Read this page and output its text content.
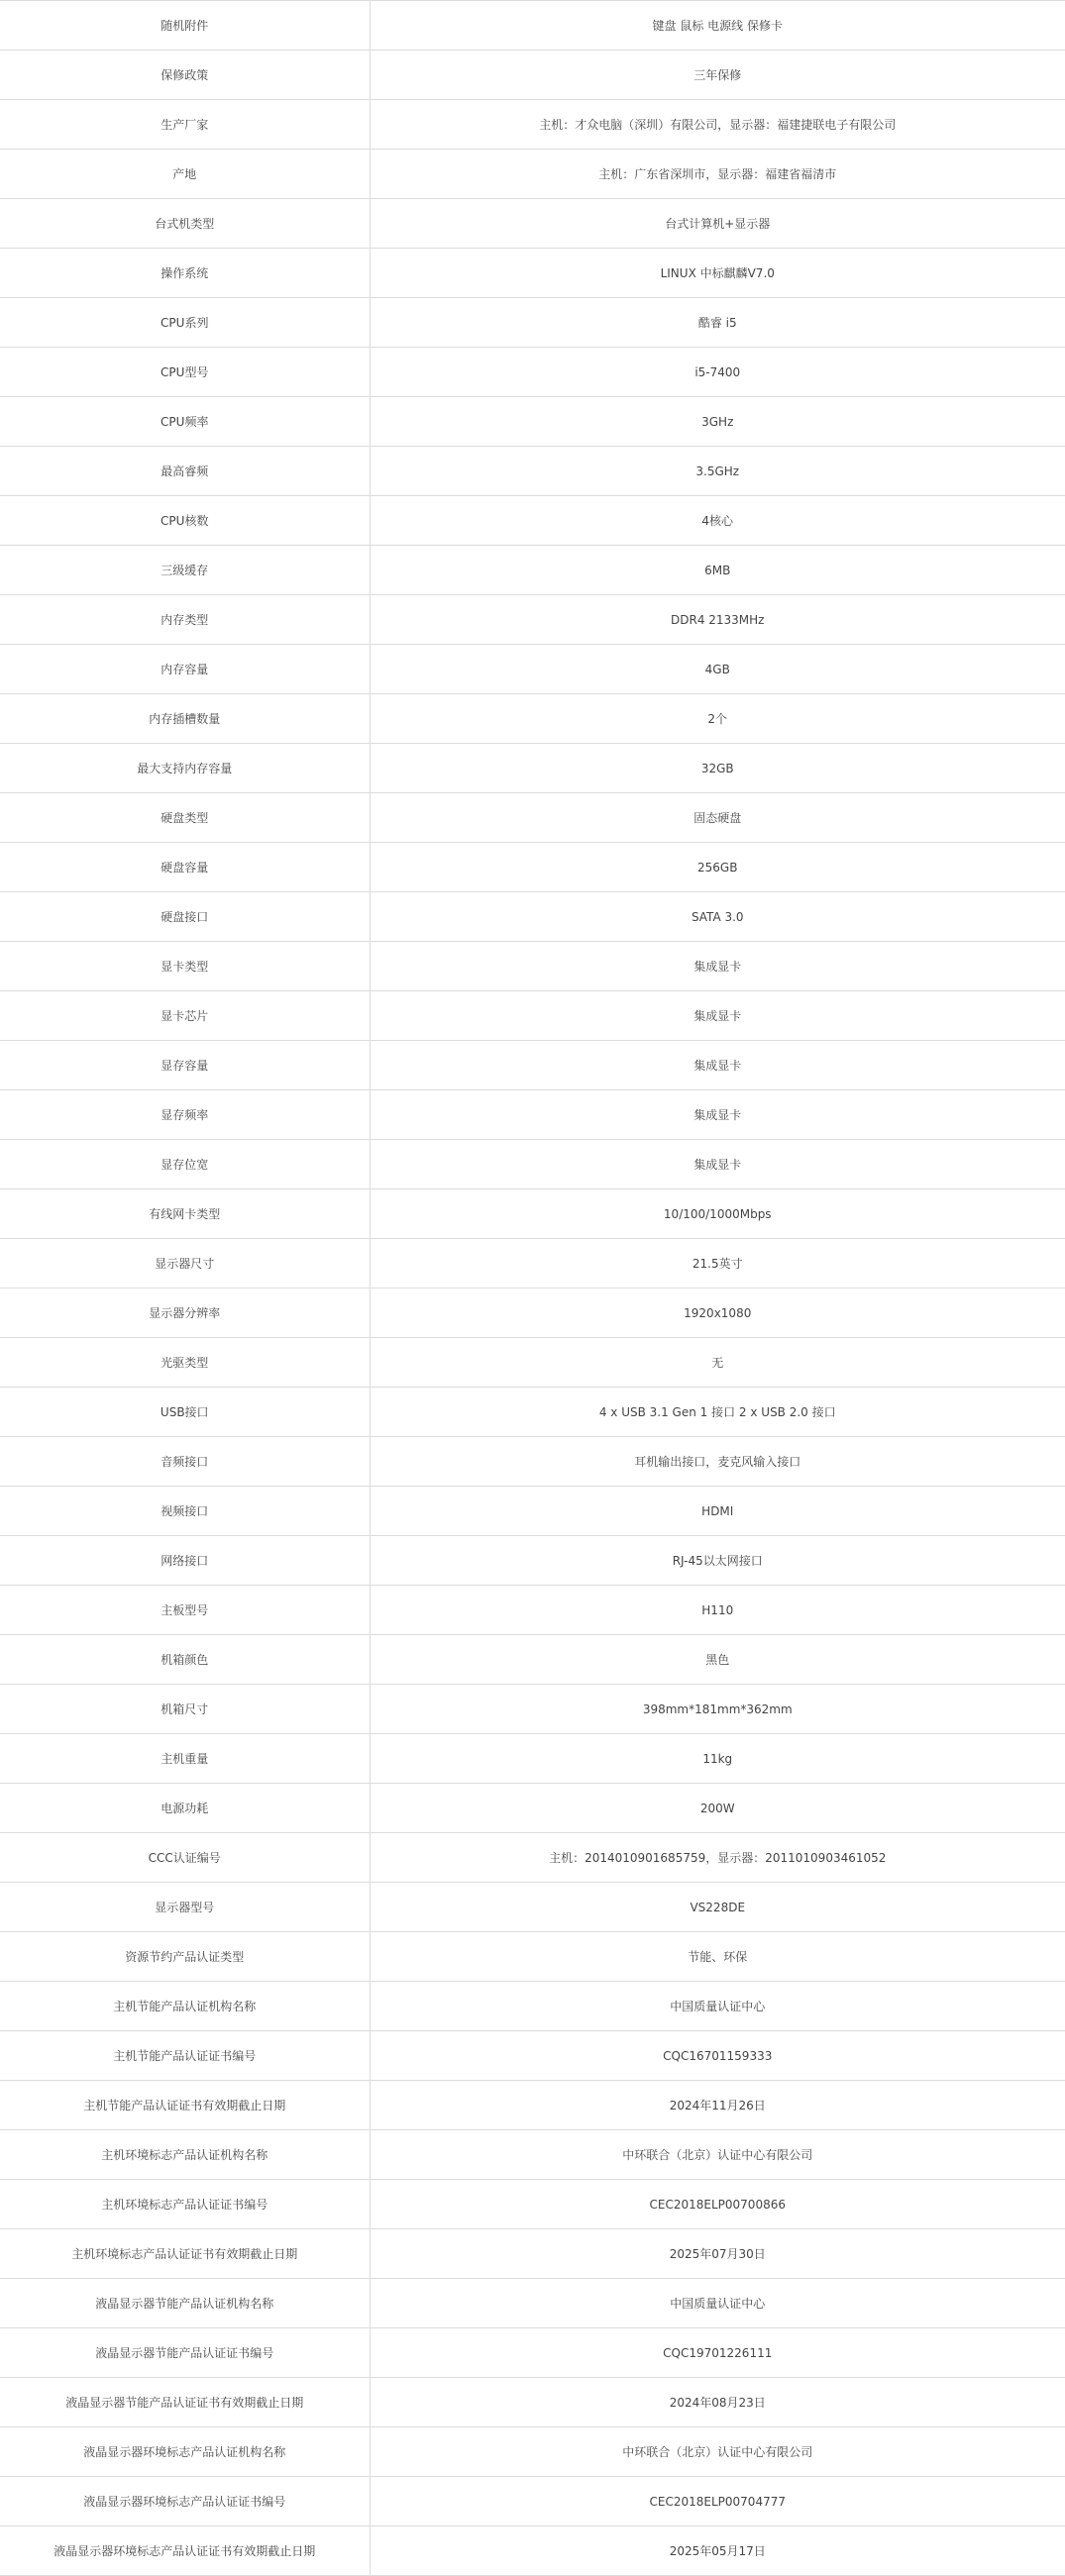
随机附件	键盘 鼠标 电源线 保修卡
保修政策	三年保修
生产厂家	主机：才众电脑（深圳）有限公司，显示器：福建捷联电子有限公司
产地	主机：广东省深圳市，显示器：福建省福清市
台式机类型	台式计算机+显示器
操作系统	LINUX 中标麒麟V7.0
CPU系列	酷睿 i5
CPU型号	i5-7400
CPU频率	3GHz
最高睿频	3.5GHz
CPU核数	4核心
三级缓存	6MB
内存类型	DDR4 2133MHz
内存容量	4GB
内存插槽数量	2个
最大支持内存容量	32GB
硬盘类型	固态硬盘
硬盘容量	256GB
硬盘接口	SATA 3.0
显卡类型	集成显卡
显卡芯片	集成显卡
显存容量	集成显卡
显存频率	集成显卡
显存位宽	集成显卡
有线网卡类型	10/100/1000Mbps
显示器尺寸	21.5英寸
显示器分辨率	1920x1080
光驱类型	无
USB接口	4 x USB 3.1 Gen 1 接口 2 x USB 2.0 接口
音频接口	耳机输出接口，麦克风输入接口
视频接口	HDMI
网络接口	RJ-45以太网接口
主板型号	H110
机箱颜色	黑色
机箱尺寸	398mm*181mm*362mm
主机重量	11kg
电源功耗	200W
CCC认证编号	主机：2014010901685759，显示器：2011010903461052
显示器型号	VS228DE
资源节约产品认证类型	节能、环保
主机节能产品认证机构名称	中国质量认证中心
主机节能产品认证证书编号	CQC16701159333
主机节能产品认证证书有效期截止日期	2024年11月26日
主机环境标志产品认证机构名称	中环联合（北京）认证中心有限公司
主机环境标志产品认证证书编号	CEC2018ELP00700866
主机环境标志产品认证证书有效期截止日期	2025年07月30日
液晶显示器节能产品认证机构名称	中国质量认证中心
液晶显示器节能产品认证证书编号	CQC19701226111
液晶显示器节能产品认证证书有效期截止日期	2024年08月23日
液晶显示器环境标志产品认证机构名称	中环联合（北京）认证中心有限公司
液晶显示器环境标志产品认证证书编号	CEC2018ELP00704777
液晶显示器环境标志产品认证证书有效期截止日期	2025年05月17日
